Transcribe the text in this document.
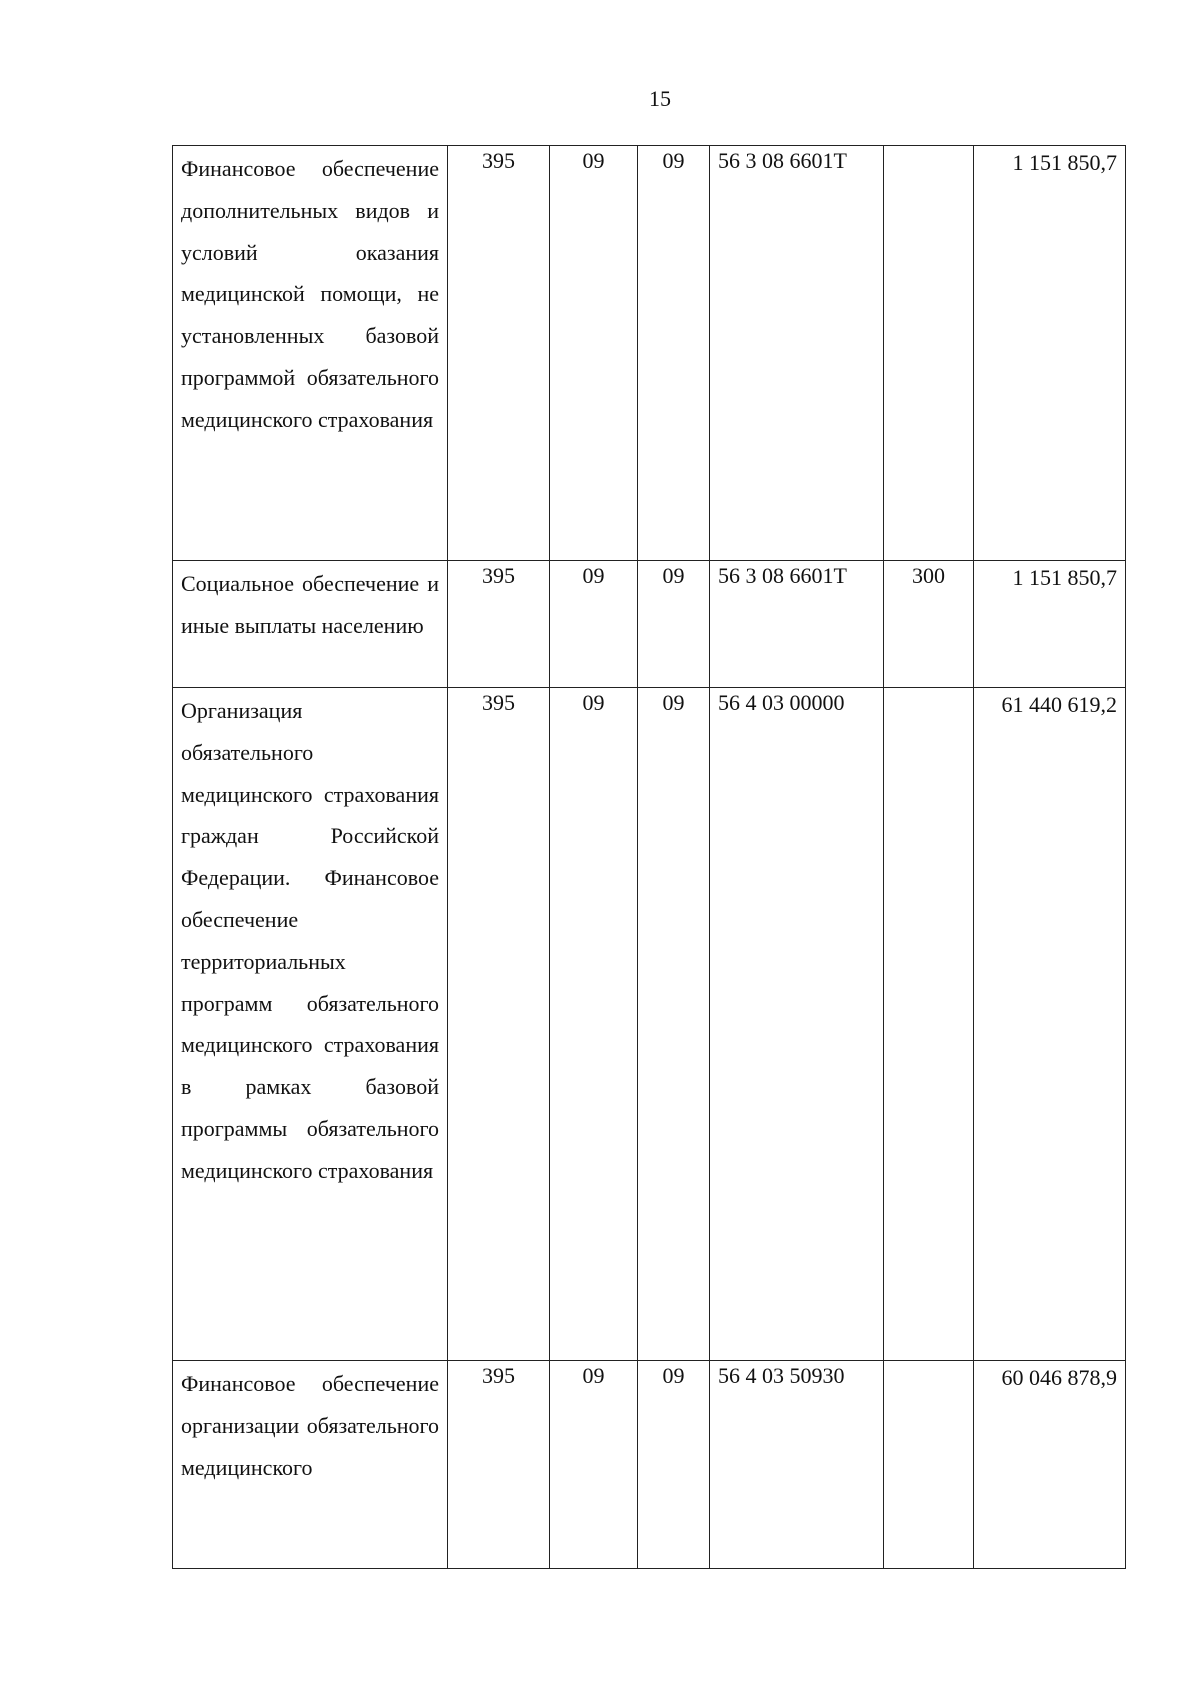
15
Финансовое обеспечение дополнительных видов и условий оказания медицинской помощи, не установленных базовой программой обязательного медицинского страхования	395	09	09	56 3 08 6601Т		1 151 850,7
Социальное обеспечение и иные выплаты населению	395	09	09	56 3 08 6601Т	300	1 151 850,7
Организация обязательного медицинского страхования граждан Российской Федерации. Финансовое обеспечение территориальных программ обязательного медицинского страхования в рамках базовой программы обязательного медицинского страхования	395	09	09	56 4 03 00000		61 440 619,2
Финансовое обеспечение организации обязательного медицинского	395	09	09	56 4 03 50930		60 046 878,9
